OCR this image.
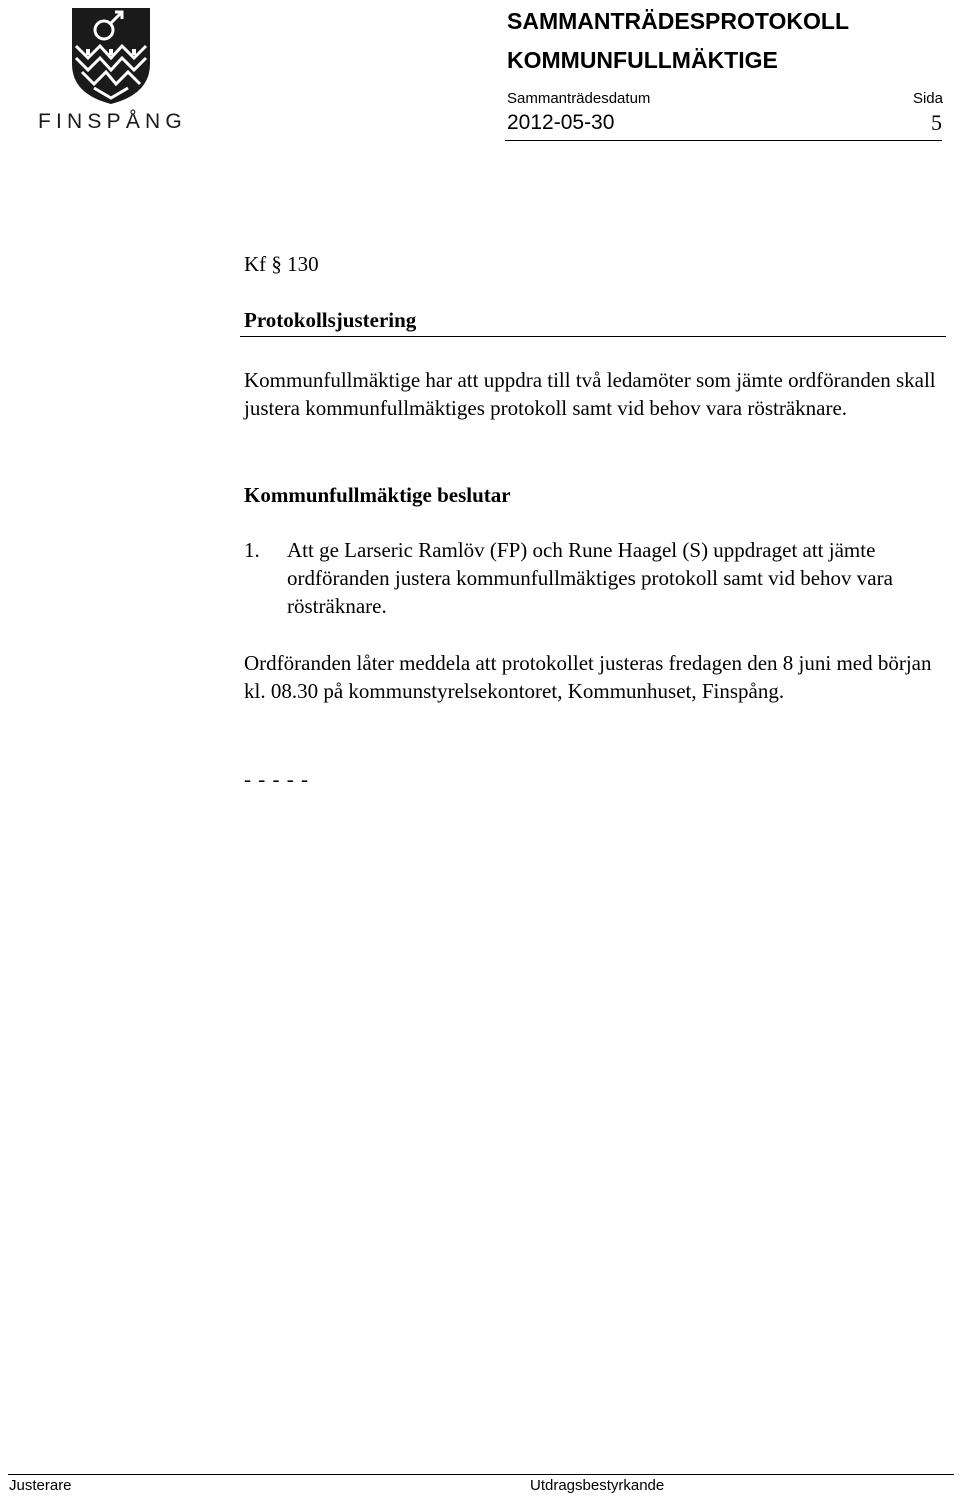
FINSPÅNG
SAMMANTRÄDESPROTOKOLL
KOMMUNFULLMÄKTIGE
Sammanträdesdatum	Sida
2012-05-30	5
Kf § 130
Protokollsjustering

Kommunfullmäktige har att uppdra till två ledamöter som jämte ordföranden skall justera kommunfullmäktiges protokoll samt vid behov vara rösträknare.

Kommunfullmäktige beslutar
1. Att ge Larseric Ramlöv (FP) och Rune Haagel (S) uppdraget att jämte ordföranden justera kommunfullmäktiges protokoll samt vid behov vara rösträknare.

Ordföranden låter meddela att protokollet justeras fredagen den 8 juni med början kl. 08.30 på kommunstyrelsekontoret, Kommunhuset, Finspång.

- - - - -
Justerare	Utdragsbestyrkande
